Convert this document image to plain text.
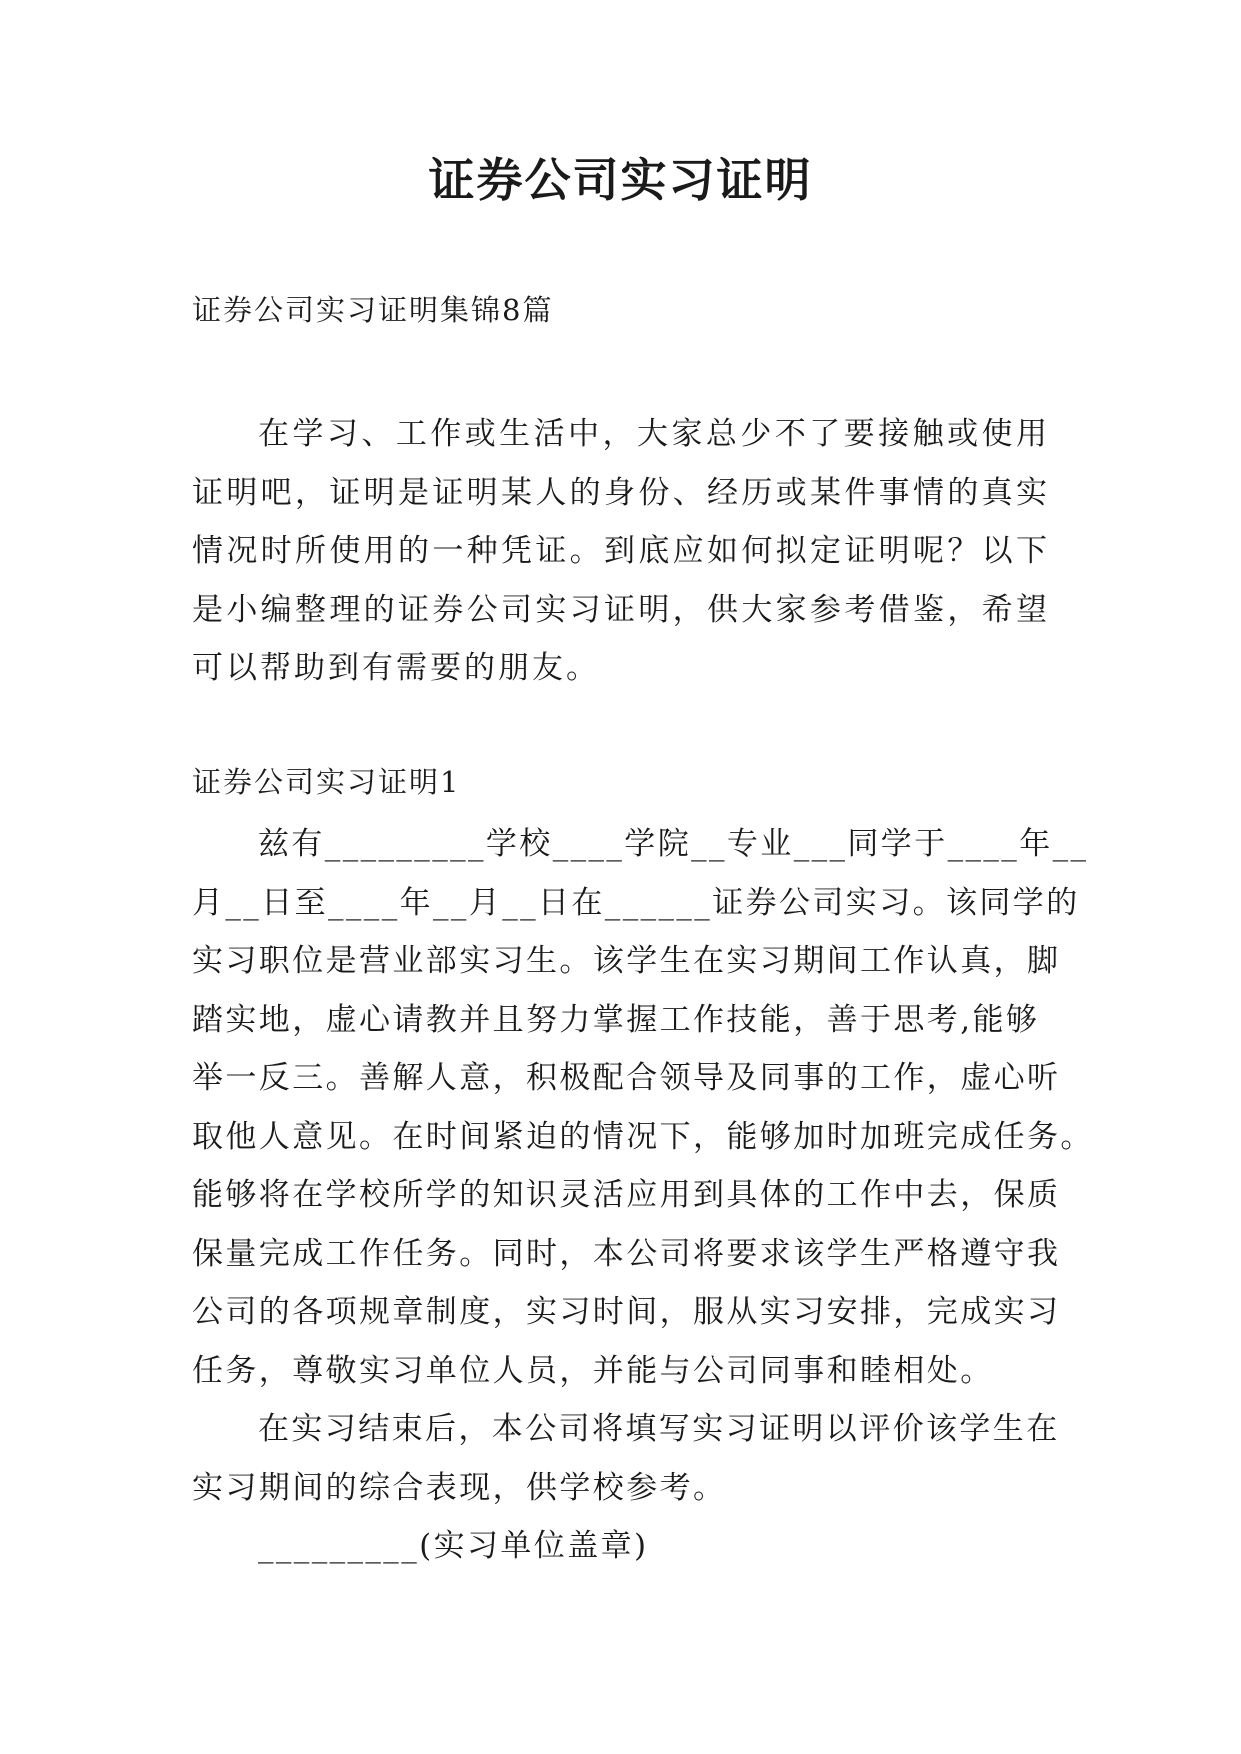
证券公司实习证明

证券公司实习证明集锦8篇

在学习、工作或生活中，大家总少不了要接触或使用证明吧，证明是证明某人的身份、经历或某件事情的真实情况时所使用的一种凭证。到底应如何拟定证明呢？以下是小编整理的证券公司实习证明，供大家参考借鉴，希望可以帮助到有需要的朋友。

证券公司实习证明1

兹有_________学校____学院__专业___同学于____年__
月__日至____年__月__日在______证券公司实习。该同学的
实习职位是营业部实习生。该学生在实习期间工作认真，脚
踏实地，虚心请教并且努力掌握工作技能，善于思考,能够
举一反三。善解人意，积极配合领导及同事的工作，虚心听
取他人意见。在时间紧迫的情况下，能够加时加班完成任务。
能够将在学校所学的知识灵活应用到具体的工作中去，保质
保量完成工作任务。同时，本公司将要求该学生严格遵守我
公司的各项规章制度，实习时间，服从实习安排，完成实习
任务，尊敬实习单位人员，并能与公司同事和睦相处。
在实习结束后，本公司将填写实习证明以评价该学生在
实习期间的综合表现，供学校参考。
_________(实习单位盖章)
